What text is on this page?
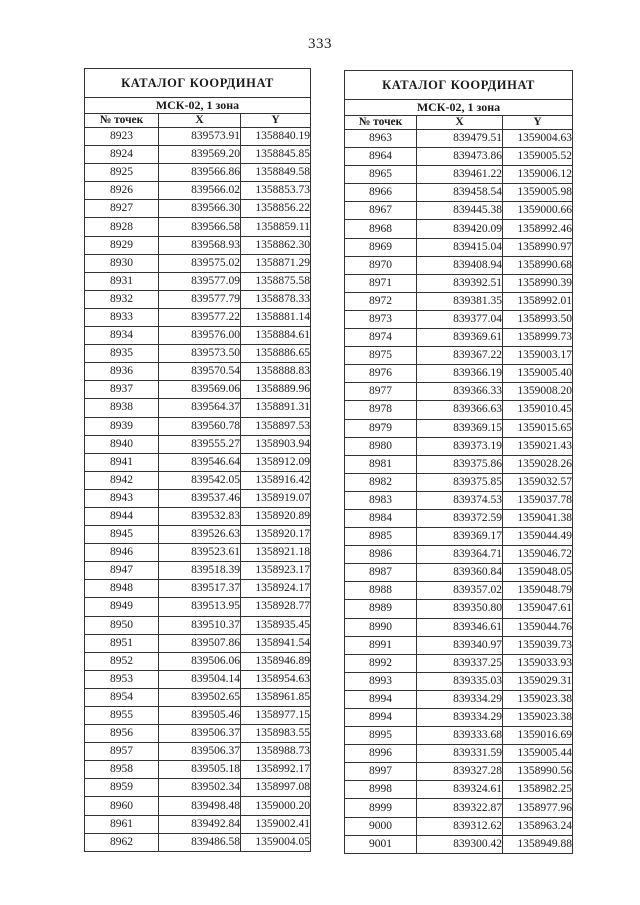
333
КАТАЛОГ КООРДИНАТ		
МСК-02, 1 зона		
№ точек	X	Y
8923	839573.91	1358840.19
8924	839569.20	1358845.85
8925	839566.86	1358849.58
8926	839566.02	1358853.73
8927	839566.30	1358856.22
8928	839566.58	1358859.11
8929	839568.93	1358862.30
8930	839575.02	1358871.29
8931	839577.09	1358875.58
8932	839577.79	1358878.33
8933	839577.22	1358881.14
8934	839576.00	1358884.61
8935	839573.50	1358886.65
8936	839570.54	1358888.83
8937	839569.06	1358889.96
8938	839564.37	1358891.31
8939	839560.78	1358897.53
8940	839555.27	1358903.94
8941	839546.64	1358912.09
8942	839542.05	1358916.42
8943	839537.46	1358919.07
8944	839532.83	1358920.89
8945	839526.63	1358920.17
8946	839523.61	1358921.18
8947	839518.39	1358923.17
8948	839517.37	1358924.17
8949	839513.95	1358928.77
8950	839510.37	1358935.45
8951	839507.86	1358941.54
8952	839506.06	1358946.89
8953	839504.14	1358954.63
8954	839502.65	1358961.85
8955	839505.46	1358977.15
8956	839506.37	1358983.55
8957	839506.37	1358988.73
8958	839505.18	1358992.17
8959	839502.34	1358997.08
8960	839498.48	1359000.20
8961	839492.84	1359002.41
8962	839486.58	1359004.05
КАТАЛОГ КООРДИНАТ		
МСК-02, 1 зона		
№ точек	X	Y
8963	839479.51	1359004.63
8964	839473.86	1359005.52
8965	839461.22	1359006.12
8966	839458.54	1359005.98
8967	839445.38	1359000.66
8968	839420.09	1358992.46
8969	839415.04	1358990.97
8970	839408.94	1358990.68
8971	839392.51	1358990.39
8972	839381.35	1358992.01
8973	839377.04	1358993.50
8974	839369.61	1358999.73
8975	839367.22	1359003.17
8976	839366.19	1359005.40
8977	839366.33	1359008.20
8978	839366.63	1359010.45
8979	839369.15	1359015.65
8980	839373.19	1359021.43
8981	839375.86	1359028.26
8982	839375.85	1359032.57
8983	839374.53	1359037.78
8984	839372.59	1359041.38
8985	839369.17	1359044.49
8986	839364.71	1359046.72
8987	839360.84	1359048.05
8988	839357.02	1359048.79
8989	839350.80	1359047.61
8990	839346.61	1359044.76
8991	839340.97	1359039.73
8992	839337.25	1359033.93
8993	839335.03	1359029.31
8994	839334.29	1359023.38
8994	839334.29	1359023.38
8995	839333.68	1359016.69
8996	839331.59	1359005.44
8997	839327.28	1358990.56
8998	839324.61	1358982.25
8999	839322.87	1358977.96
9000	839312.62	1358963.24
9001	839300.42	1358949.88
